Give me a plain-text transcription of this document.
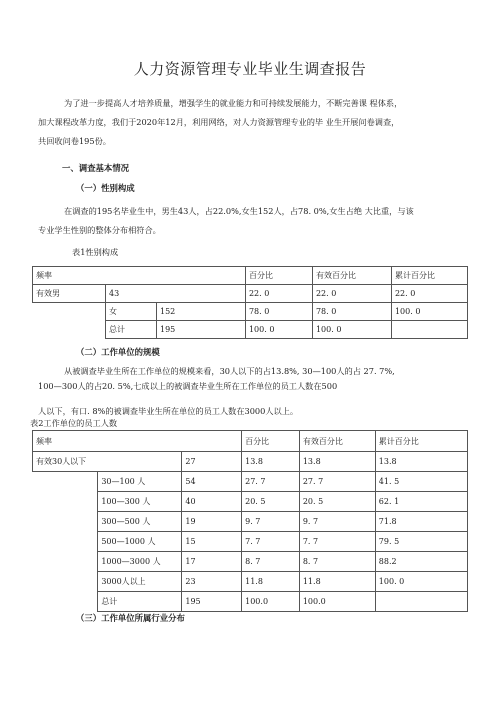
人力资源管理专业毕业生调查报告
为了进一步提高人才培养质量，增强学生的就业能力和可持续发展能力，不断完善课 程体系，
加大课程改革力度，我们于2020年12月，利用网络，对人力资源管理专业的毕 业生开展问卷调查，
共回收问卷195份。
一、调查基本情况
（一）性别构成
在调查的195名毕业生中，男生43人，占22.0%,女生152人，占78. 0%,女生占绝 大比重，与该
专业学生性别的整体分布相符合。
表1性别构成
频率			百分比	有效百分比	累计百分比
有效男	43		22. 0	22. 0	22. 0
	女	152	78. 0	78. 0	100. 0
	总计	195	100. 0	100. 0	
（二）工作单位的规模
从被调查毕业生所在工作单位的规模来看，30人以下的占13.8%, 30—100人的占 27. 7%,
100—300人的占20. 5%,七成以上的被调查毕业生所在工作单位的员工人数在500
人以下，有口. 8%的被调查毕业生所在单位的员工人数在3000人以上。
表2工作单位的员工人数
频率			百分比	有效百分比	累计百分比
有效30人以下		27	13.8	13.8	13.8
	30—100 人	54	27. 7	27. 7	41. 5
	100—300 人	40	20. 5	20. 5	62. 1
	300—500 人	19	9. 7	9. 7	71.8
	500—1000 人	15	7. 7	7. 7	79. 5
	1000—3000 人	17	8. 7	8. 7	88.2
	3000人以上	23	11.8	11.8	100. 0
	总计	195	100.0	100.0	
（三）工作单位所属行业分布
